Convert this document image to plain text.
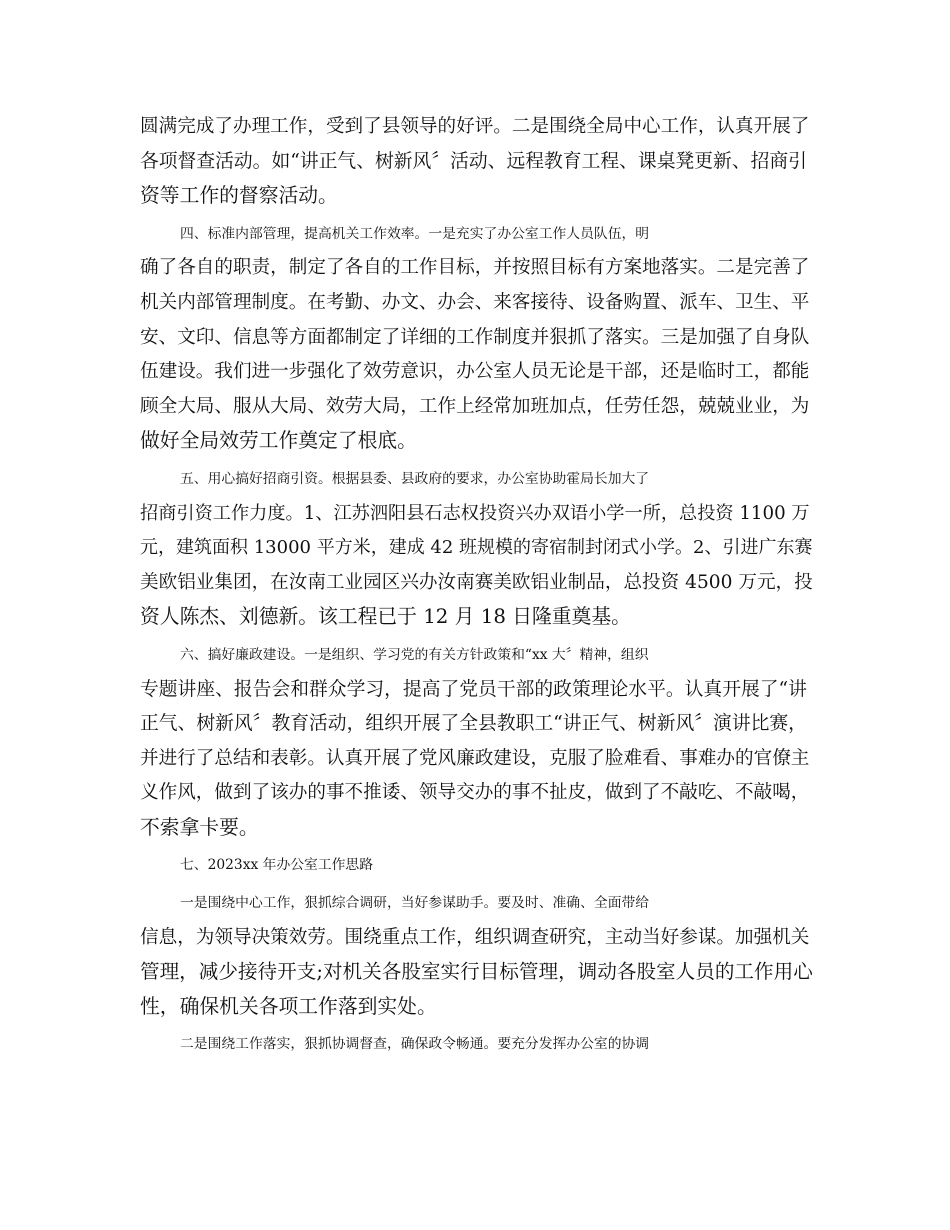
圆满完成了办理工作，受到了县领导的好评。二是围绕全局中心工作，认真开展了
各项督查活动。如“讲正气、树新风〞活动、远程教育工程、课桌凳更新、招商引
资等工作的督察活动。
四、标准内部管理，提高机关工作效率。一是充实了办公室工作人员队伍，明
确了各自的职责，制定了各自的工作目标，并按照目标有方案地落实。二是完善了
机关内部管理制度。在考勤、办文、办会、来客接待、设备购置、派车、卫生、平
安、文印、信息等方面都制定了详细的工作制度并狠抓了落实。三是加强了自身队
伍建设。我们进一步强化了效劳意识，办公室人员无论是干部，还是临时工，都能
顾全大局、服从大局、效劳大局，工作上经常加班加点，任劳任怨，兢兢业业，为
做好全局效劳工作奠定了根底。
五、用心搞好招商引资。根据县委、县政府的要求，办公室协助霍局长加大了
招商引资工作力度。1、江苏泗阳县石志权投资兴办双语小学一所，总投资 1100 万
元，建筑面积 13000 平方米，建成 42 班规模的寄宿制封闭式小学。2、引进广东赛
美欧铝业集团，在汝南工业园区兴办汝南赛美欧铝业制品，总投资 4500 万元，投
资人陈杰、刘德新。该工程已于 12 月 18 日隆重奠基。
六、搞好廉政建设。一是组织、学习党的有关方针政策和“xx 大〞精神，组织
专题讲座、报告会和群众学习，提高了党员干部的政策理论水平。认真开展了“讲
正气、树新风〞教育活动，组织开展了全县教职工“讲正气、树新风〞演讲比赛，
并进行了总结和表彰。认真开展了党风廉政建设，克服了脸难看、事难办的官僚主
义作风，做到了该办的事不推诿、领导交办的事不扯皮，做到了不敲吃、不敲喝，
不索拿卡要。
七、2023xx 年办公室工作思路
一是围绕中心工作，狠抓综合调研，当好参谋助手。要及时、准确、全面带给
信息，为领导决策效劳。围绕重点工作，组织调查研究，主动当好参谋。加强机关
管理，减少接待开支;对机关各股室实行目标管理，调动各股室人员的工作用心
性，确保机关各项工作落到实处。
二是围绕工作落实，狠抓协调督查，确保政令畅通。要充分发挥办公室的协调
